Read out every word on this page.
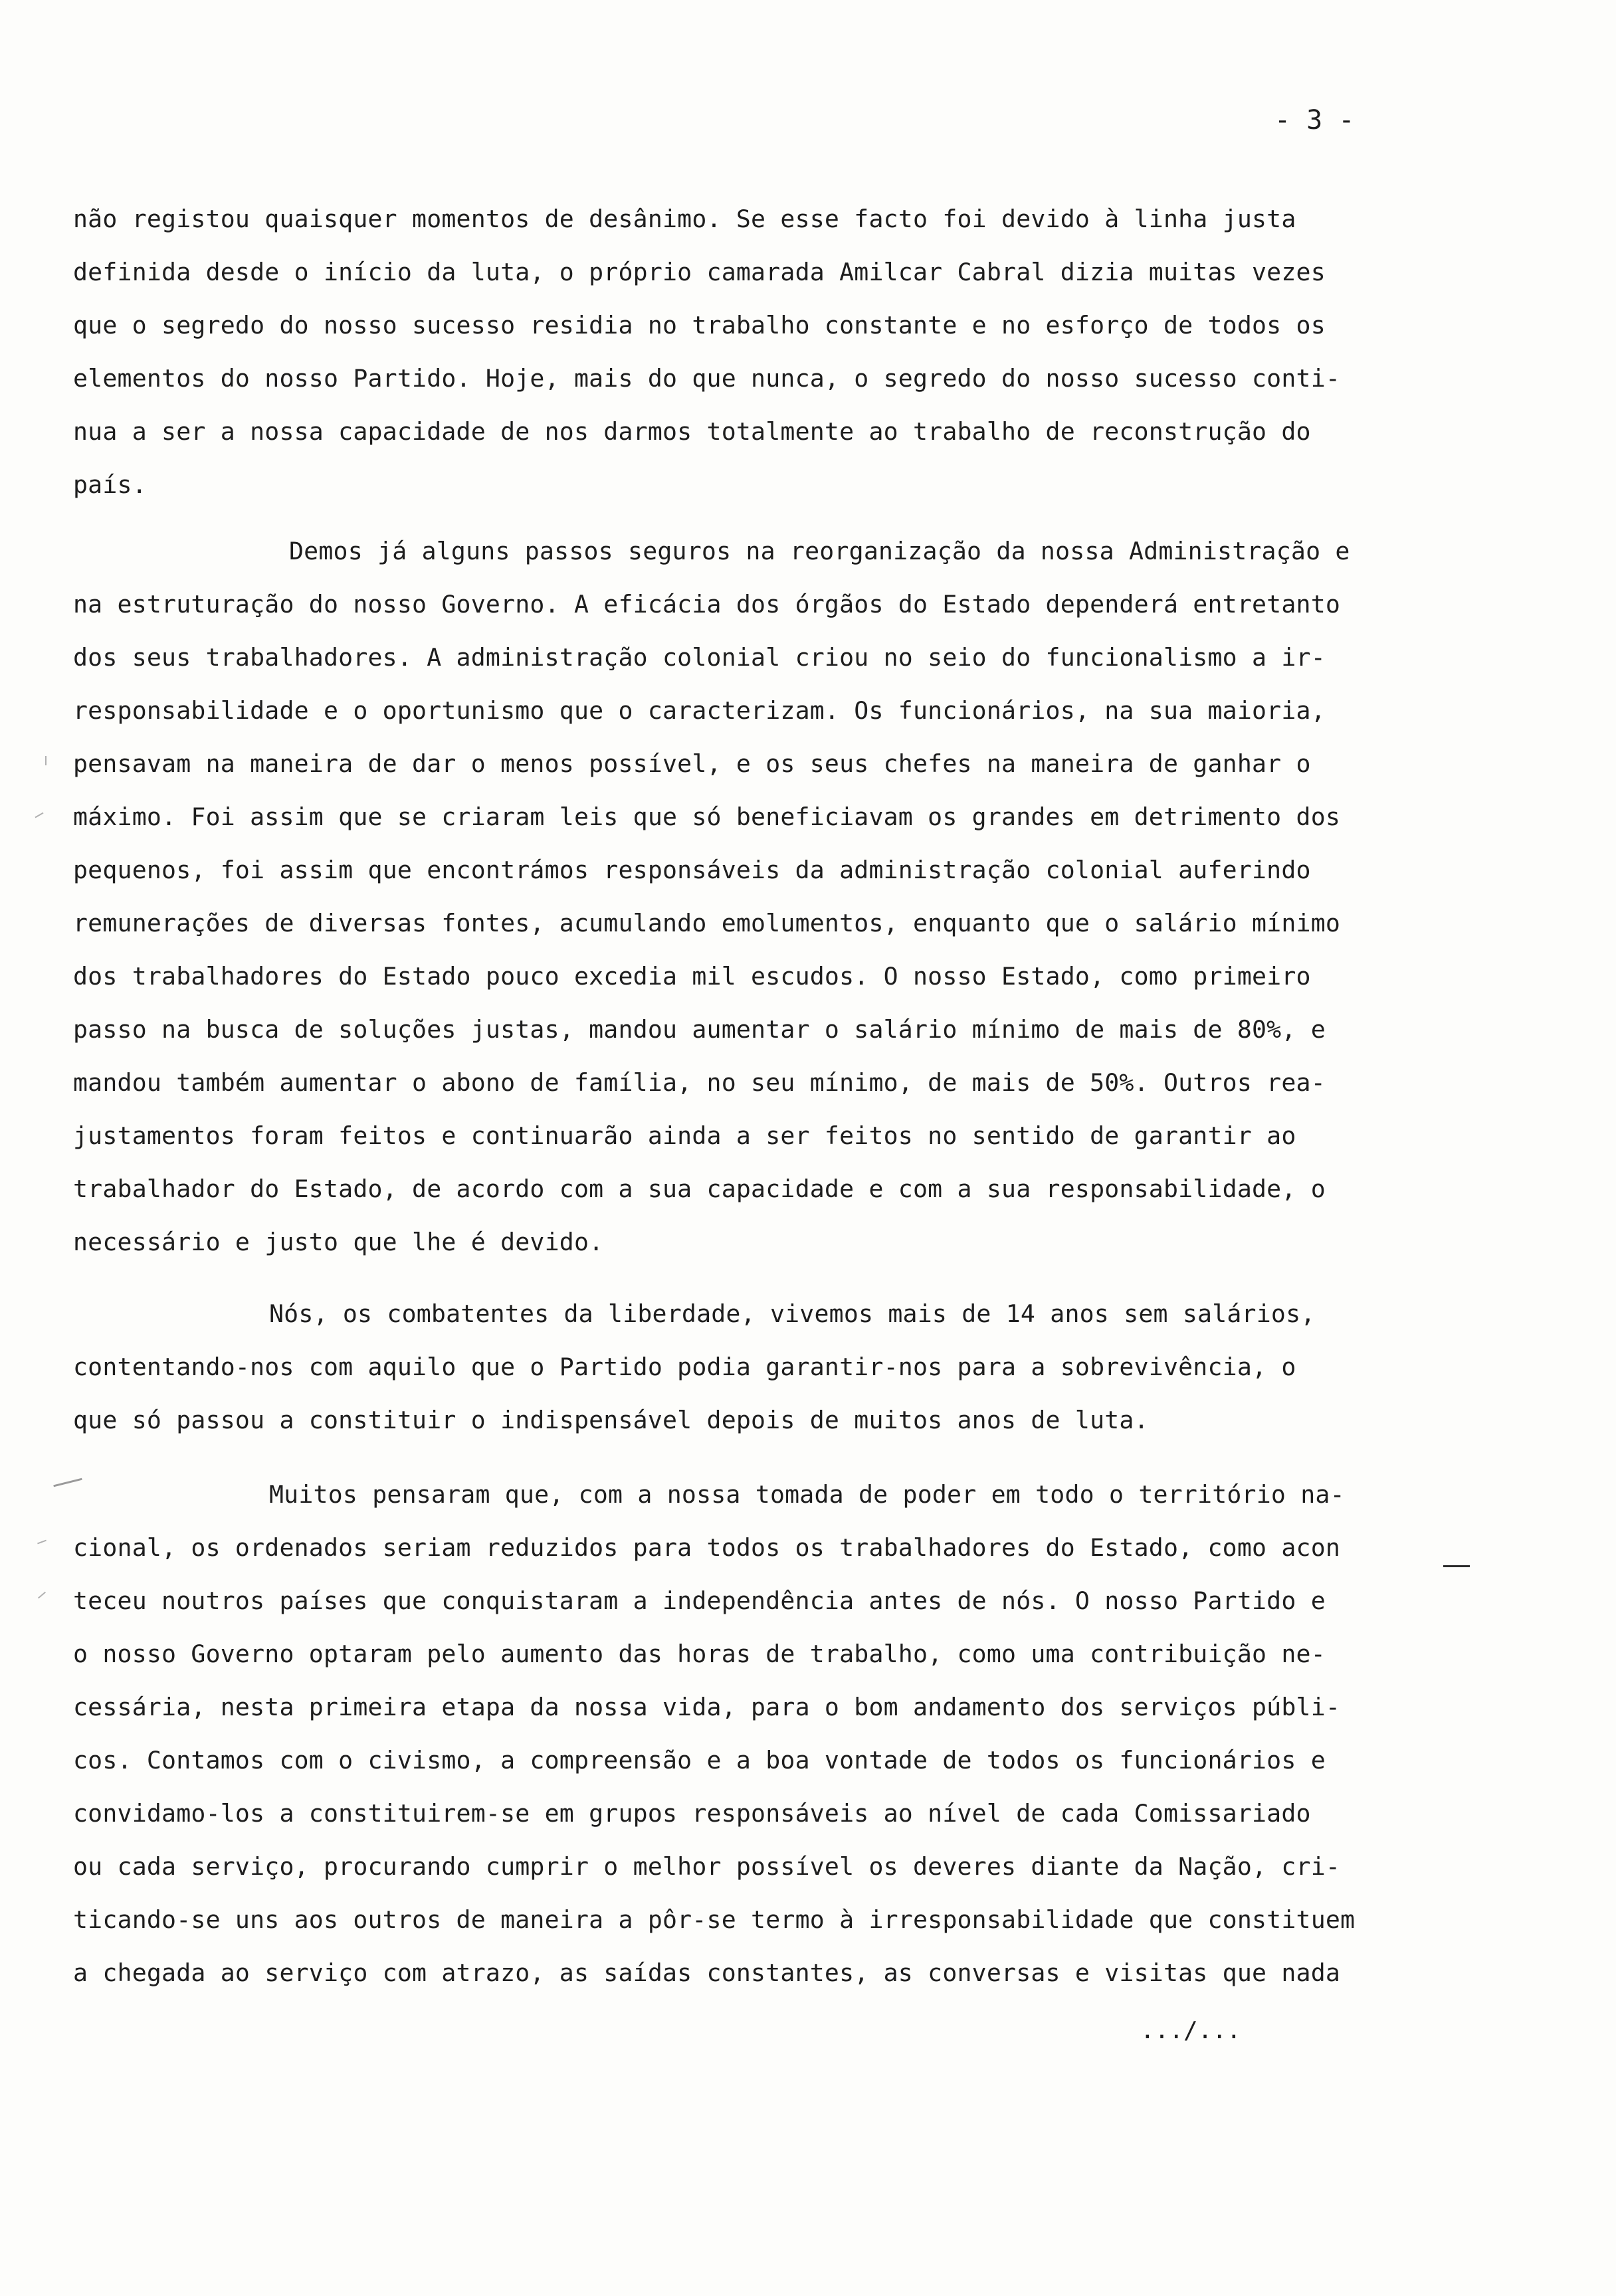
- 3 -
não registou quaisquer momentos de desânimo. Se esse facto foi devido à linha justa
definida desde o início da luta, o próprio camarada Amilcar Cabral dizia muitas vezes
que o segredo do nosso sucesso residia no trabalho constante e no esforço de todos os
elementos do nosso Partido. Hoje, mais do que nunca, o segredo do nosso sucesso conti-
nua a ser a nossa capacidade de nos darmos totalmente ao trabalho de reconstrução do
país.
Demos já alguns passos seguros na reorganização da nossa Administração e
na estruturação do nosso Governo. A eficácia dos órgãos do Estado dependerá entretanto
dos seus trabalhadores. A administração colonial criou no seio do funcionalismo a ir-
responsabilidade e o oportunismo que o caracterizam. Os funcionários, na sua maioria,
pensavam na maneira de dar o menos possível, e os seus chefes na maneira de ganhar o
máximo. Foi assim que se criaram leis que só beneficiavam os grandes em detrimento dos
pequenos, foi assim que encontrámos responsáveis da administração colonial auferindo
remunerações de diversas fontes, acumulando emolumentos, enquanto que o salário mínimo
dos trabalhadores do Estado pouco excedia mil escudos. O nosso Estado, como primeiro
passo na busca de soluções justas, mandou aumentar o salário mínimo de mais de 80%, e
mandou também aumentar o abono de família, no seu mínimo, de mais de 50%. Outros rea-
justamentos foram feitos e continuarão ainda a ser feitos no sentido de garantir ao
trabalhador do Estado, de acordo com a sua capacidade e com a sua responsabilidade, o
necessário e justo que lhe é devido.
Nós, os combatentes da liberdade, vivemos mais de 14 anos sem salários,
contentando-nos com aquilo que o Partido podia garantir-nos para a sobrevivência, o
que só passou a constituir o indispensável depois de muitos anos de luta.
Muitos pensaram que, com a nossa tomada de poder em todo o território na-
cional, os ordenados seriam reduzidos para todos os trabalhadores do Estado, como acon
teceu noutros países que conquistaram a independência antes de nós. O nosso Partido e
o nosso Governo optaram pelo aumento das horas de trabalho, como uma contribuição ne-
cessária, nesta primeira etapa da nossa vida, para o bom andamento dos serviços públi-
cos. Contamos com o civismo, a compreensão e a boa vontade de todos os funcionários e
convidamo-los a constituirem-se em grupos responsáveis ao nível de cada Comissariado
ou cada serviço, procurando cumprir o melhor possível os deveres diante da Nação, cri-
ticando-se uns aos outros de maneira a pôr-se termo à irresponsabilidade que constituem
a chegada ao serviço com atrazo, as saídas constantes, as conversas e visitas que nada
.../...
